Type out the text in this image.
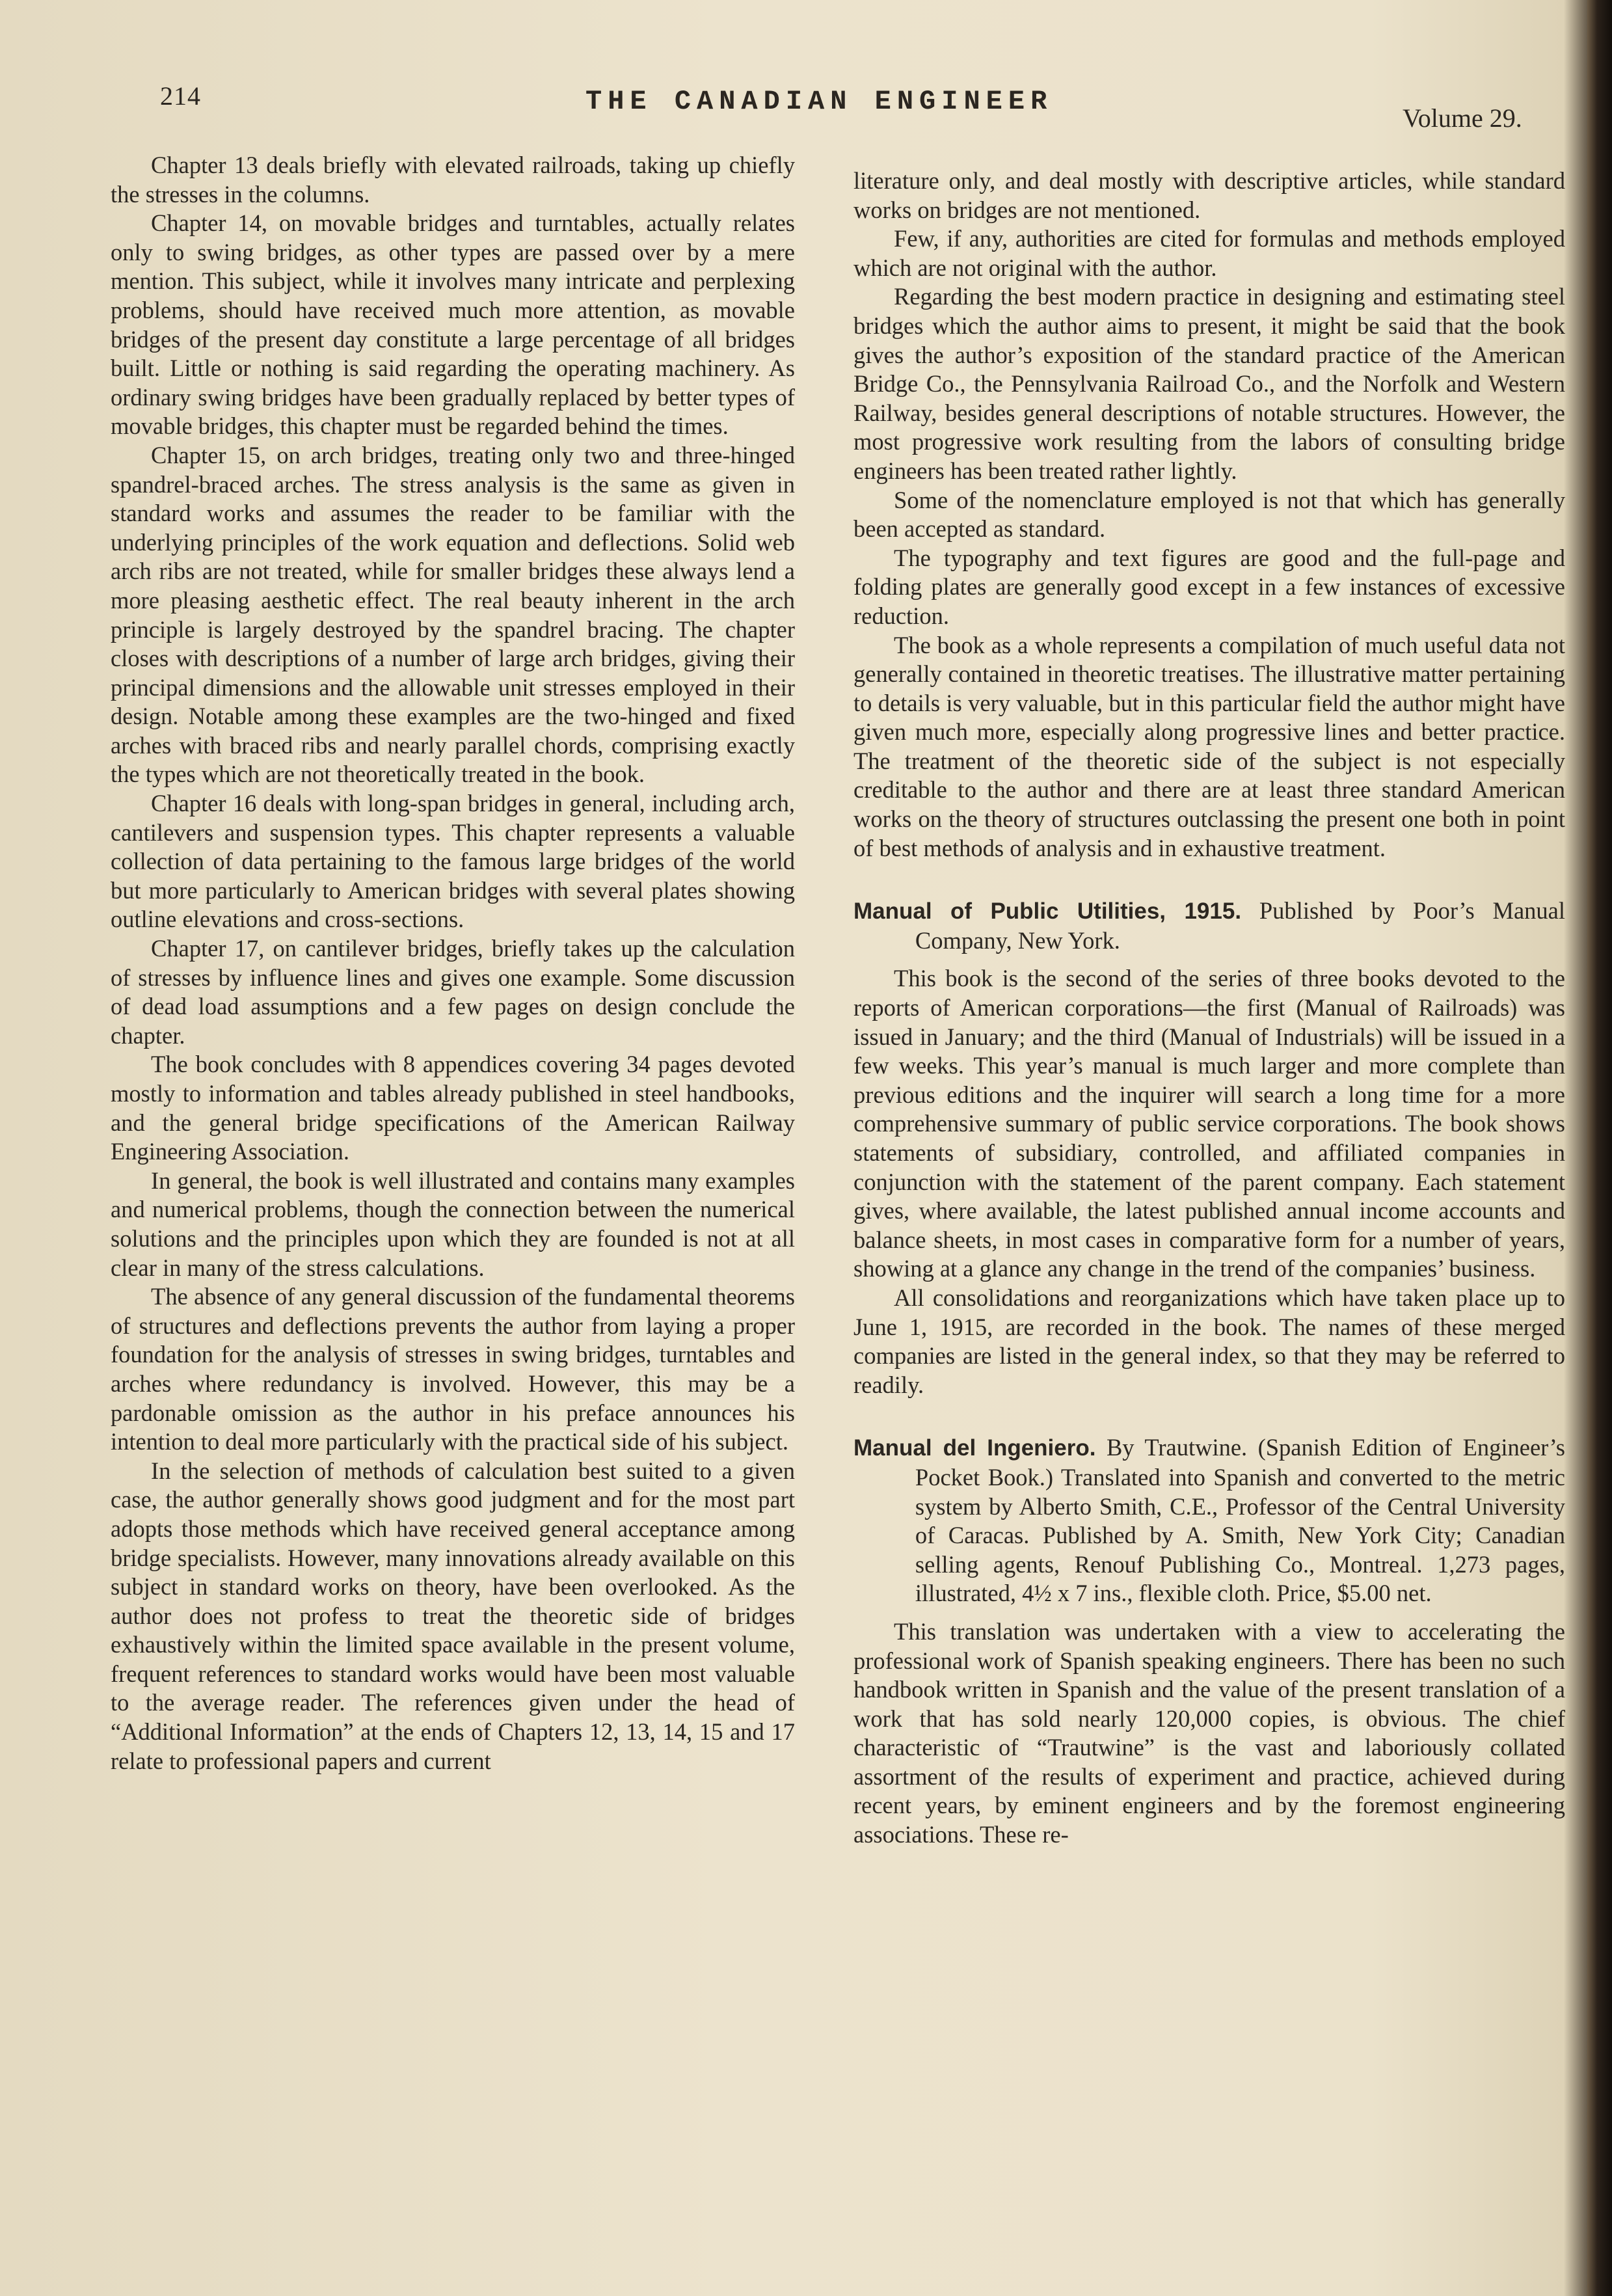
214	THE CANADIAN ENGINEER
Volume 29.

Chapter 13 deals briefly with elevated railroads, taking up chiefly the stresses in the columns.

Chapter 14, on movable bridges and turntables, actually relates only to swing bridges, as other types are passed over by a mere mention. This subject, while it involves many intricate and perplexing problems, should have received much more attention, as movable bridges of the present day constitute a large percentage of all bridges built. Little or nothing is said regarding the operating machinery. As ordinary swing bridges have been gradually replaced by better types of movable bridges, this chapter must be regarded behind the times.

Chapter 15, on arch bridges, treating only two and three-hinged spandrel-braced arches. The stress analysis is the same as given in standard works and assumes the reader to be familiar with the underlying principles of the work equation and deflections. Solid web arch ribs are not treated, while for smaller bridges these always lend a more pleasing aesthetic effect. The real beauty inherent in the arch principle is largely destroyed by the spandrel bracing. The chapter closes with descriptions of a number of large arch bridges, giving their principal dimensions and the allowable unit stresses employed in their design. Notable among these examples are the two-hinged and fixed arches with braced ribs and nearly parallel chords, comprising exactly the types which are not theoretically treated in the book.

Chapter 16 deals with long-span bridges in general, including arch, cantilevers and suspension types. This chapter represents a valuable collection of data pertaining to the famous large bridges of the world but more particularly to American bridges with several plates showing outline elevations and cross-sections.

Chapter 17, on cantilever bridges, briefly takes up the calculation of stresses by influence lines and gives one example. Some discussion of dead load assumptions and a few pages on design conclude the chapter.

The book concludes with 8 appendices covering 34 pages devoted mostly to information and tables already published in steel handbooks, and the general bridge specifications of the American Railway Engineering Association.

In general, the book is well illustrated and contains many examples and numerical problems, though the connection between the numerical solutions and the principles upon which they are founded is not at all clear in many of the stress calculations.

The absence of any general discussion of the fundamental theorems of structures and deflections prevents the author from laying a proper foundation for the analysis of stresses in swing bridges, turntables and arches where redundancy is involved. However, this may be a pardonable omission as the author in his preface announces his intention to deal more particularly with the practical side of his subject.

In the selection of methods of calculation best suited to a given case, the author generally shows good judgment and for the most part adopts those methods which have received general acceptance among bridge specialists. However, many innovations already available on this subject in standard works on theory, have been overlooked. As the author does not profess to treat the theoretic side of bridges exhaustively within the limited space available in the present volume, frequent references to standard works would have been most valuable to the average reader. The references given under the head of “Additional Information” at the ends of Chapters 12, 13, 14, 15 and 17 relate to professional papers and current

literature only, and deal mostly with descriptive articles, while standard works on bridges are not mentioned.

Few, if any, authorities are cited for formulas and methods employed which are not original with the author.

Regarding the best modern practice in designing and estimating steel bridges which the author aims to present, it might be said that the book gives the author’s exposition of the standard practice of the American Bridge Co., the Pennsylvania Railroad Co., and the Norfolk and Western Railway, besides general descriptions of notable structures. However, the most progressive work resulting from the labors of consulting bridge engineers has been treated rather lightly.

Some of the nomenclature employed is not that which has generally been accepted as standard.

The typography and text figures are good and the full-page and folding plates are generally good except in a few instances of excessive reduction.

The book as a whole represents a compilation of much useful data not generally contained in theoretic treatises. The illustrative matter pertaining to details is very valuable, but in this particular field the author might have given much more, especially along progressive lines and better practice. The treatment of the theoretic side of the subject is not especially creditable to the author and there are at least three standard American works on the theory of structures outclassing the present one both in point of best methods of analysis and in exhaustive treatment.

Manual of Public Utilities, 1915. Published by Poor’s Manual Company, New York.

This book is the second of the series of three books devoted to the reports of American corporations—the first (Manual of Railroads) was issued in January; and the third (Manual of Industrials) will be issued in a few weeks. This year’s manual is much larger and more complete than previous editions and the inquirer will search a long time for a more comprehensive summary of public service corporations. The book shows statements of subsidiary, controlled, and affiliated companies in conjunction with the statement of the parent company. Each statement gives, where available, the latest published annual income accounts and balance sheets, in most cases in comparative form for a number of years, showing at a glance any change in the trend of the companies’ business.

All consolidations and reorganizations which have taken place up to June 1, 1915, are recorded in the book. The names of these merged companies are listed in the general index, so that they may be referred to readily.

Manual del Ingeniero. By Trautwine. (Spanish Edition of Engineer’s Pocket Book.) Translated into Spanish and converted to the metric system by Alberto Smith, C.E., Professor of the Central University of Caracas. Published by A. Smith, New York City; Canadian selling agents, Renouf Publishing Co., Montreal. 1,273 pages, illustrated, 4½ x 7 ins., flexible cloth. Price, $5.00 net.

This translation was undertaken with a view to accelerating the professional work of Spanish speaking engineers. There has been no such handbook written in Spanish and the value of the present translation of a work that has sold nearly 120,000 copies, is obvious. The chief characteristic of “Trautwine” is the vast and laboriously collated assortment of the results of experiment and practice, achieved during recent years, by eminent engineers and by the foremost engineering associations. These re-
